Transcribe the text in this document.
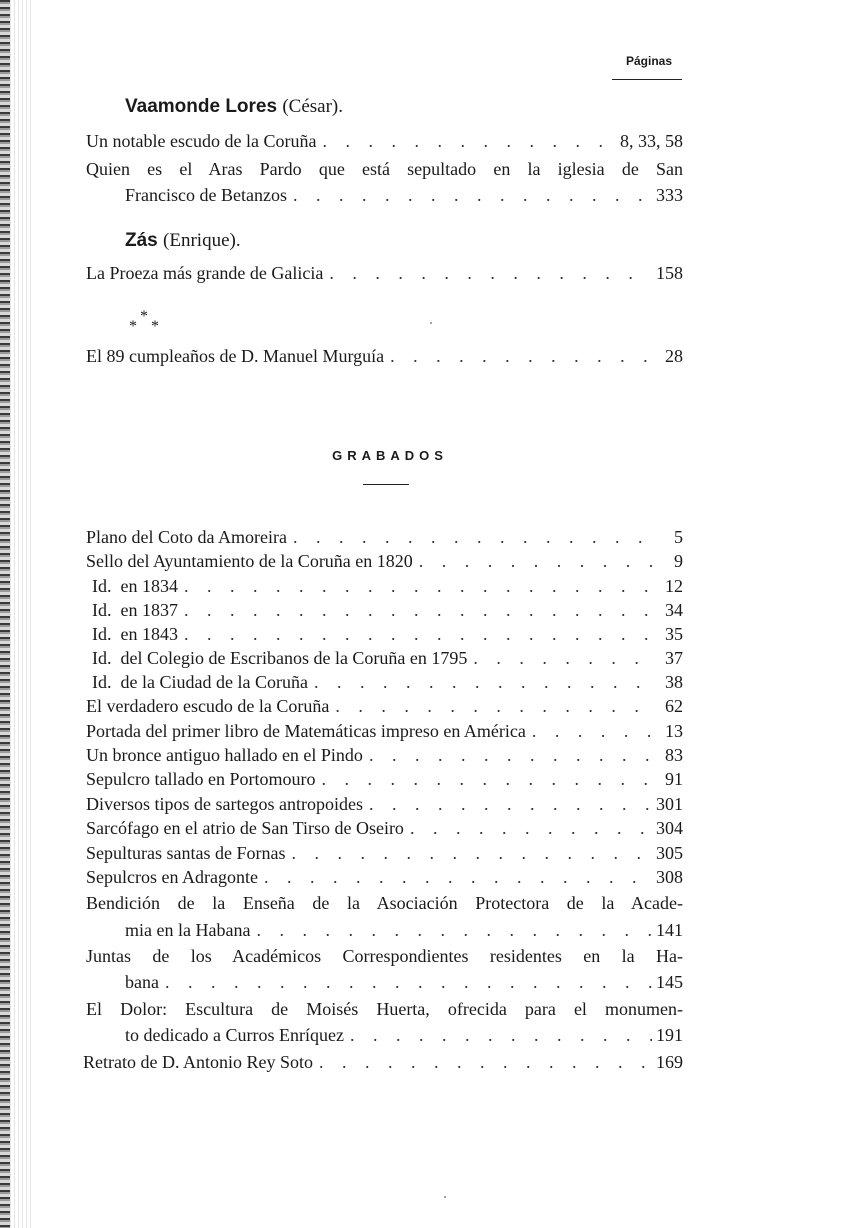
Páginas
Vaamonde Lores (César).
Un notable escudo de la Coruña . . .	8, 33, 58
Quien es el Aras Pardo que está sepultado en la iglesia de San
Francisco de Betanzos . . .	333
Zás (Enrique).
La Proeza más grande de Galicia . . .	158
*
* *
El 89 cumpleaños de D. Manuel Murguía . . .	28
GRABADOS
Plano del Coto da Amoreira . . .	5
Sello del Ayuntamiento de la Coruña en 1820 . . .	9
Id.  en 1834 . . .	12
Id.  en 1837 . . .	34
Id.  en 1843 . . .	35
Id.  del Colegio de Escribanos de la Coruña en 1795 . . .	37
Id.  de la Ciudad de la Coruña . . .	38
El verdadero escudo de la Coruña . . .	62
Portada del primer libro de Matemáticas impreso en América . . .	13
Un bronce antiguo hallado en el Pindo . . .	83
Sepulcro tallado en Portomouro . . .	91
Diversos tipos de sartegos antropoides . . .	301
Sarcófago en el atrio de San Tirso de Oseiro . . .	304
Sepulturas santas de Fornas . . .	305
Sepulcros en Adragonte . . .	308
Bendición de la Enseña de la Asociación Protectora de la Acade-
mia en la Habana . . .	141
Juntas de los Académicos Correspondientes residentes en la Ha-
bana . . .	145
El Dolor: Escultura de Moisés Huerta, ofrecida para el monumen-
to dedicado a Curros Enríquez . . .	191
Retrato de D. Antonio Rey Soto . . .	169
